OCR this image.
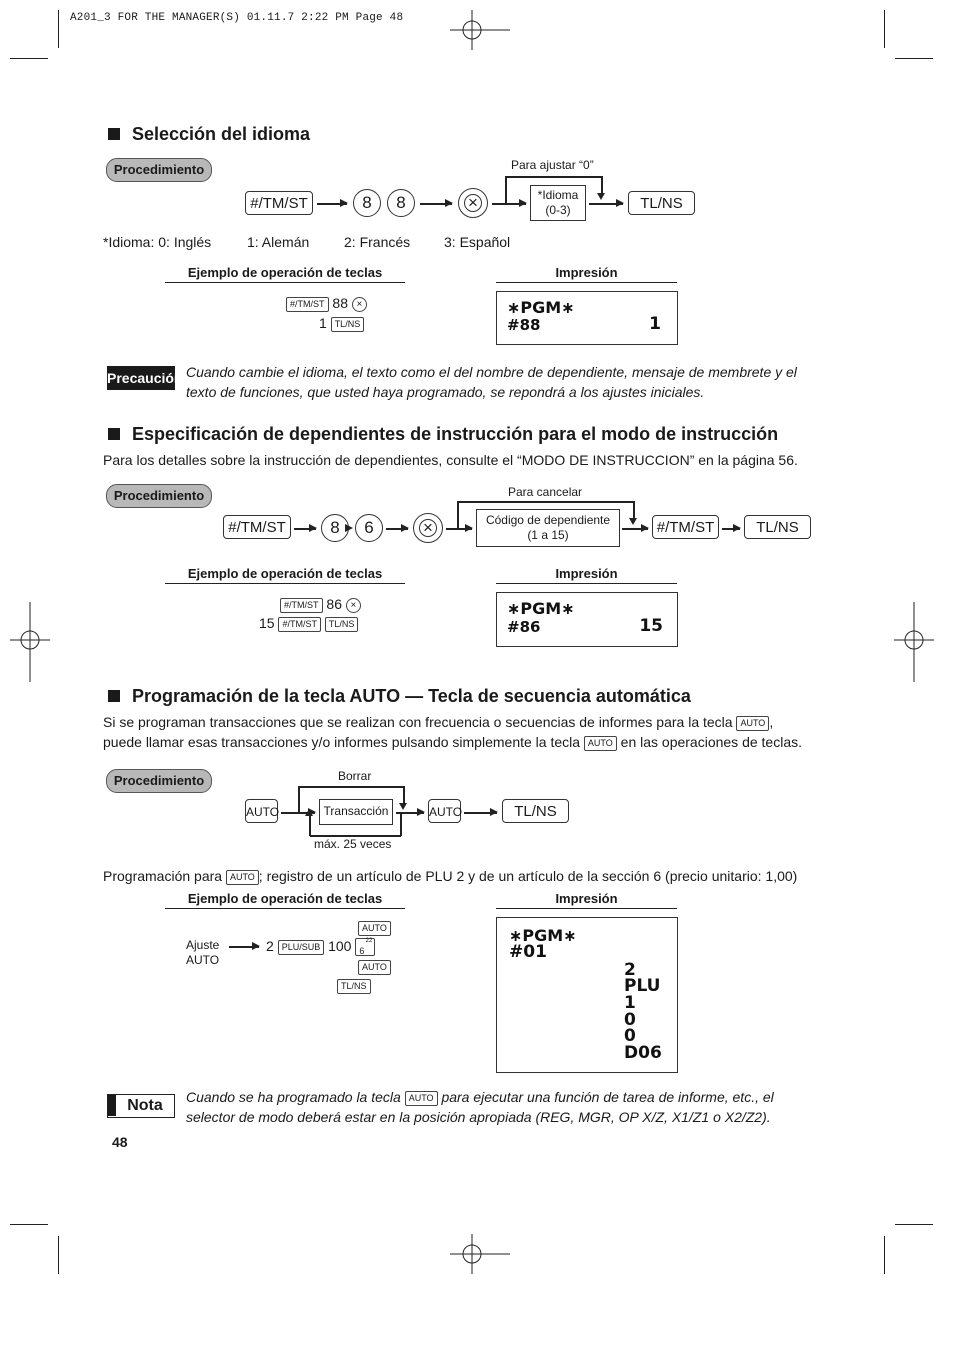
A201_3 FOR THE MANAGER(S) 01.11.7 2:22 PM Page 48
Selección del idioma
Procedimiento	Para ajustar “0”
#/TM/ST	8	8 ×	*Idioma
(0-3)	TL/NS
*Idioma: 0: Inglés	1: Alemán 2: Francés 3: Español
Ejemplo de operación de teclas	Impresión
#/TM/ST 88 ×
1 TL/NS
∗PGM∗
#88	1
Precaución Cuando cambie el idioma, el texto como el del nombre de dependiente, mensaje de membrete y el texto de funciones, que usted haya programado, se repondrá a los ajustes iniciales.
Especificación de dependientes de instrucción para el modo de instrucción
Para los detalles sobre la instrucción de dependientes, consulte el “MODO DE INSTRUCCION” en la página 56.
Procedimiento	Para cancelar
#/TM/ST	8	6 ×	Código de dependiente
(1 a 15)	#/TM/ST	TL/NS
Ejemplo de operación de teclas	Impresión
#/TM/ST 86 ×
15 #/TM/ST TL/NS
∗PGM∗
#86	15
Programación de la tecla AUTO — Tecla de secuencia automática
Si se programan transacciones que se realizan con frecuencia o secuencias de informes para la tecla AUTO ,
puede llamar esas transacciones y/o informes pulsando simplemente la tecla AUTO en las operaciones de teclas.
Procedimiento	Borrar
AUTO	Transacción	AUTO	TL/NS
máx. 25 veces
Programación para AUTO ; registro de un artículo de PLU 2 y de un artículo de la sección 6 (precio unitario: 1,00)
Ejemplo de operación de teclas	Impresión
Ajuste
AUTO
AUTO
2 PLU/SUB 100 22
6
AUTO
TL/NS
∗PGM∗
#01
2
PLU
1
0
0
D06
Nota	Cuando se ha programado la tecla AUTO para ejecutar una función de tarea de informe, etc., el
selector de modo deberá estar en la posición apropiada (REG, MGR, OP X/Z, X1/Z1 o X2/Z2).
48
